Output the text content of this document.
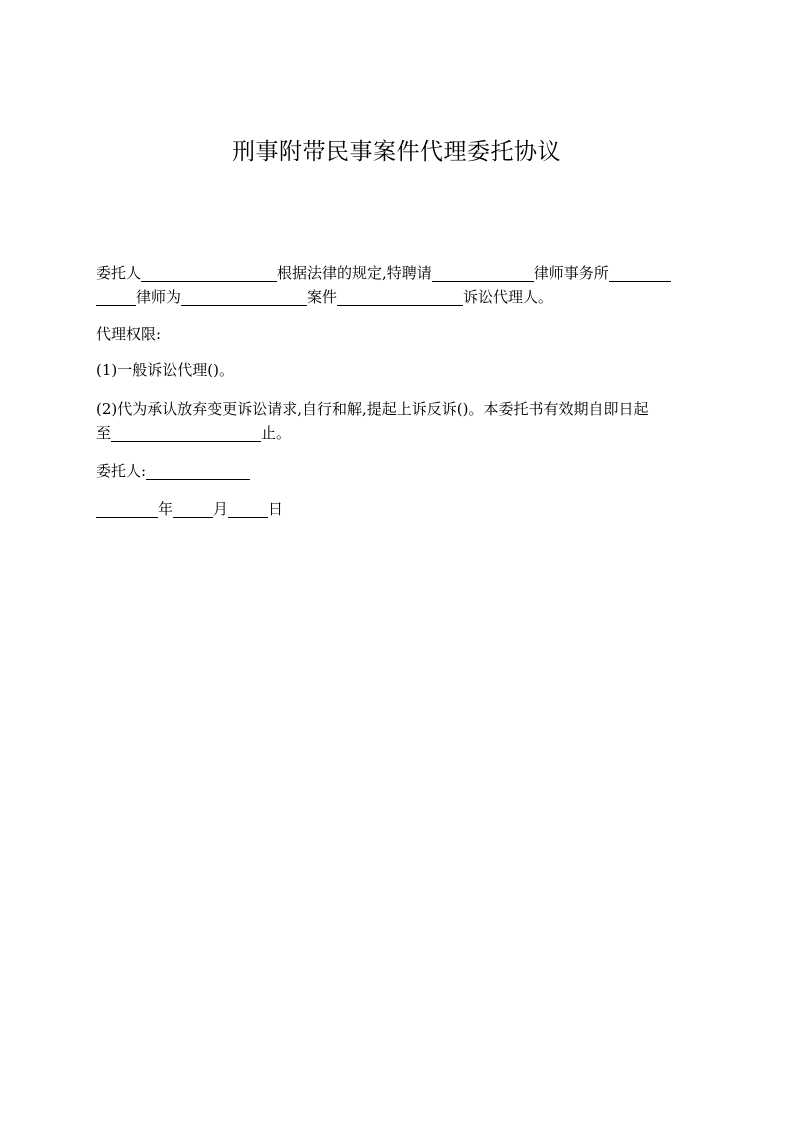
刑事附带民事案件代理委托协议
委托人	根据法律的规定,特聘请	律师事务所
律师为	案件	诉讼代理人。
代理权限:
(1)一般诉讼代理()。
(2)代为承认放弃变更诉讼请求,自行和解,提起上诉反诉()。本委托书有效期自即日起
至	止。
委托人:
年	月	日
